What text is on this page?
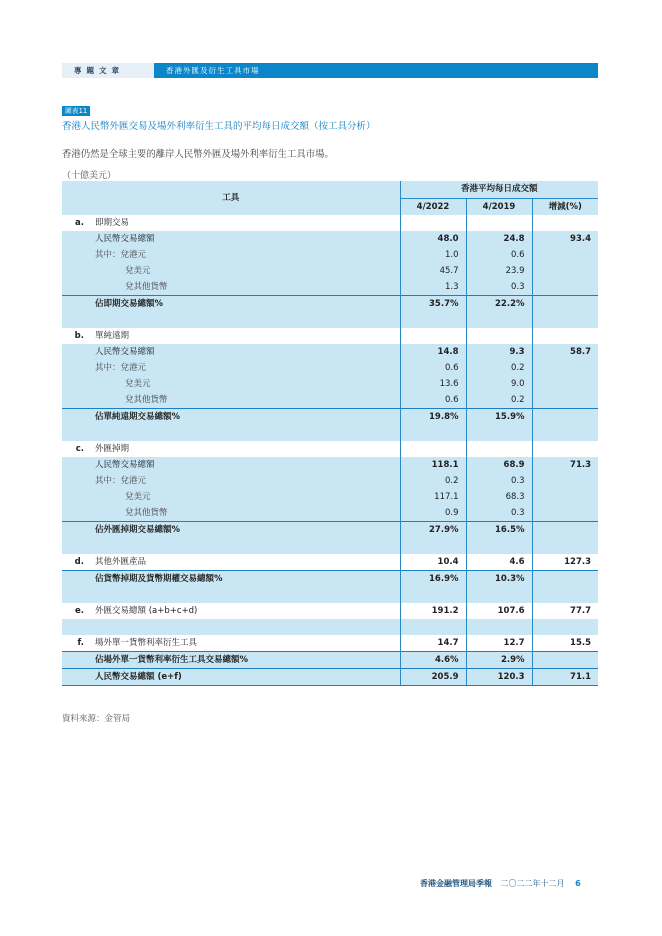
專題文章	香港外匯及衍生工具市場
圖表11
香港人民幣外匯交易及場外利率衍生工具的平均每日成交額（按工具分析）
香港仍然是全球主要的離岸人民幣外匯及場外利率衍生工具市場。
（十億美元）
工具		香港平均每日成交額		
		4/2022	4/2019	增減(%)
a.	即期交易			
	人民幣交易總額	48.0	24.8	93.4
	其中：兌港元	1.0	0.6	
	兌美元	45.7	23.9	
	兌其他貨幣	1.3	0.3	
	佔即期交易總額%	35.7%	22.2%	

b.	單純遠期			
	人民幣交易總額	14.8	9.3	58.7
	其中：兌港元	0.6	0.2	
	兌美元	13.6	9.0	
	兌其他貨幣	0.6	0.2	
	佔單純遠期交易總額%	19.8%	15.9%	

c.	外匯掉期			
	人民幣交易總額	118.1	68.9	71.3
	其中：兌港元	0.2	0.3	
	兌美元	117.1	68.3	
	兌其他貨幣	0.9	0.3	
	佔外匯掉期交易總額%	27.9%	16.5%	

d.	其他外匯產品	10.4	4.6	127.3
	佔貨幣掉期及貨幣期權交易總額%	16.9%	10.3%	

e.	外匯交易總額 (a+b+c+d)	191.2	107.6	77.7

f.	場外單一貨幣利率衍生工具	14.7	12.7	15.5
	佔場外單一貨幣利率衍生工具交易總額%	4.6%	2.9%	
	人民幣交易總額 (e+f)	205.9	120.3	71.1
資料來源：金管局
香港金融管理局季報 二〇二二年十二月 6
